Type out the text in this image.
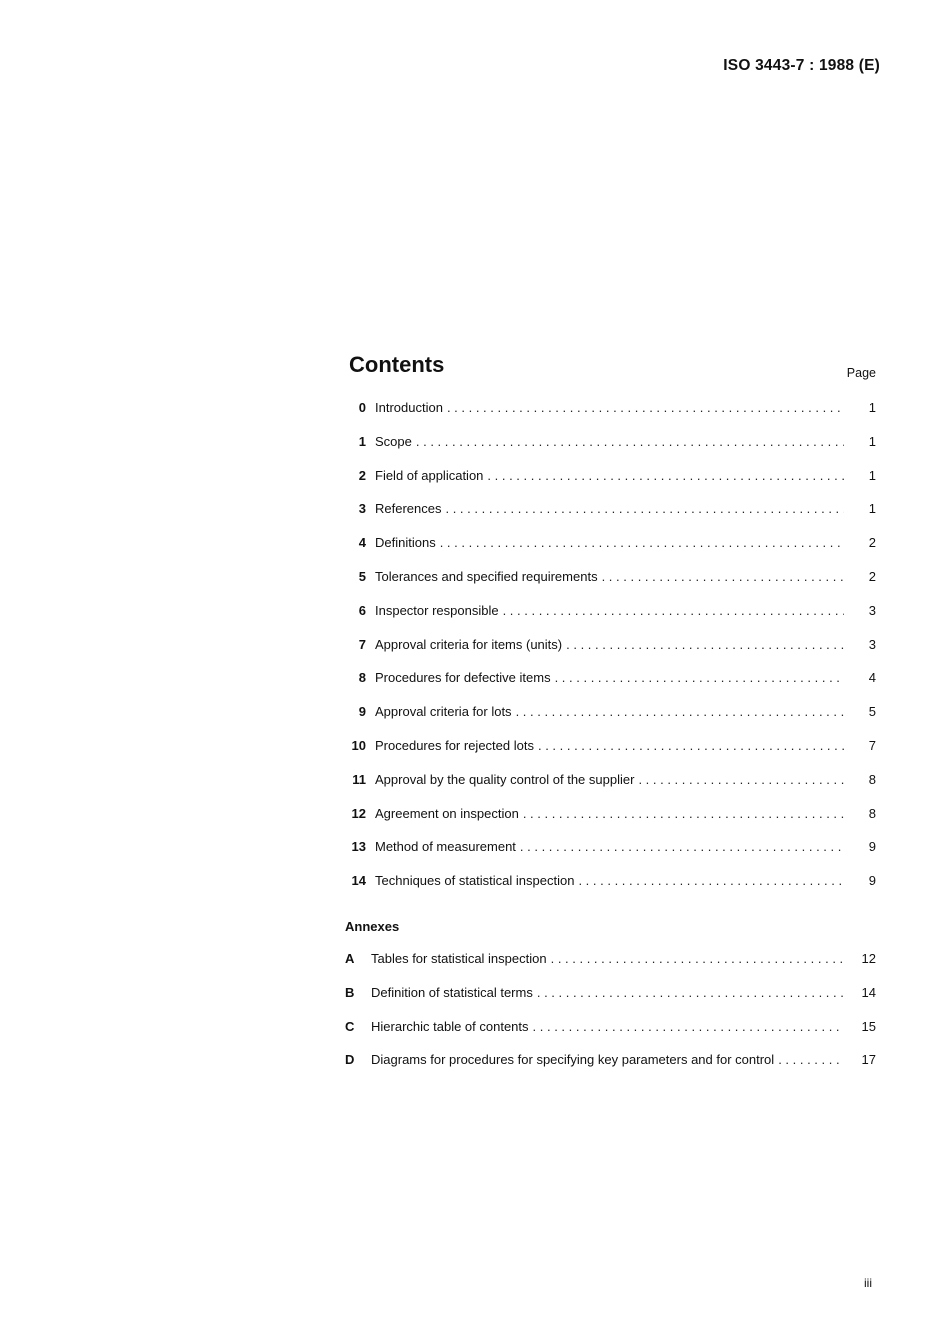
ISO 3443-7 : 1988 (E)
Contents	Page
0 Introduction . . .	1
1 Scope . . .	1
2 Field of application . . .	1
3 References . . .	1
4 Definitions . . .	2
5 Tolerances and specified requirements . . .	2
6 Inspector responsible . . .	3
7 Approval criteria for items (units) . . .	3
8 Procedures for defective items . . .	4
9 Approval criteria for lots . . .	5
10 Procedures for rejected lots . . .	7
11 Approval by the quality control of the supplier . . .	8
12 Agreement on inspection . . .	8
13 Method of measurement . . .	9
14 Techniques of statistical inspection . . .	9
Annexes
A	Tables for statistical inspection . . .	12
B	Definition of statistical terms . . .	14
C	Hierarchic table of contents . . .	15
D	Diagrams for procedures for specifying key parameters and for control . . .	17
iii
